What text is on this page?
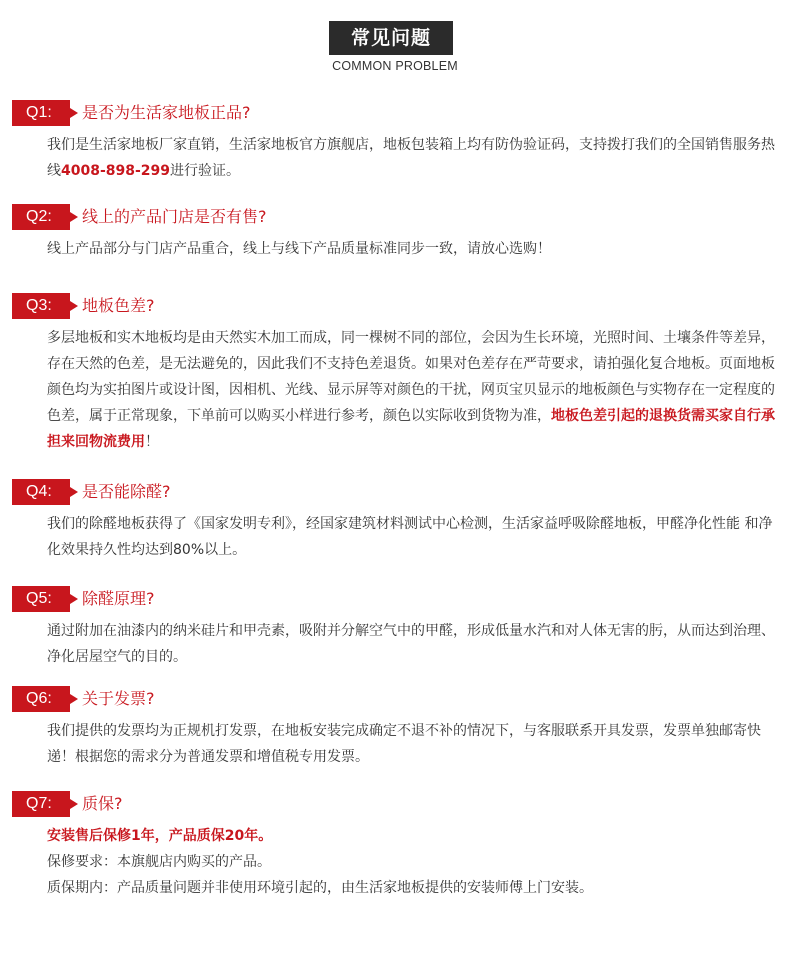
常见问题
COMMON PROBLEM
Q1:	是否为生活家地板正品?
我们是生活家地板厂家直销，生活家地板官方旗舰店，地板包装箱上均有防伪验证码，支持拨打我们的全国销售服务热线4008-898-299进行验证。
Q2:	线上的产品门店是否有售?
线上产品部分与门店产品重合，线上与线下产品质量标准同步一致，请放心选购！
Q3:	地板色差?
多层地板和实木地板均是由天然实木加工而成，同一棵树不同的部位，会因为生长环境，光照时间、土壤条件等差异，存在天然的色差，是无法避免的，因此我们不支持色差退货。如果对色差存在严苛要求，请拍强化复合地板。页面地板颜色均为实拍图片或设计图，因相机、光线、显示屏等对颜色的干扰，网页宝贝显示的地板颜色与实物存在一定程度的色差，属于正常现象，下单前可以购买小样进行参考，颜色以实际收到货物为准，地板色差引起的退换货需买家自行承担来回物流费用！
Q4:	是否能除醛?
我们的除醛地板获得了《国家发明专利》，经国家建筑材料测试中心检测，生活家益呼吸除醛地板，甲醛净化性能 和净化效果持久性均达到80%以上。
Q5:	除醛原理?
通过附加在油漆内的纳米硅片和甲壳素，吸附并分解空气中的甲醛，形成低量水汽和对人体无害的肟，从而达到治理、净化居屋空气的目的。
Q6:	关于发票?
我们提供的发票均为正规机打发票，在地板安装完成确定不退不补的情况下，与客服联系开具发票，发票单独邮寄快递！根据您的需求分为普通发票和增值税专用发票。
Q7:	质保?

安装售后保修1年，产品质保20年。

保修要求：本旗舰店内购买的产品。

质保期内：产品质量问题并非使用环境引起的，由生活家地板提供的安装师傅上门安装。
